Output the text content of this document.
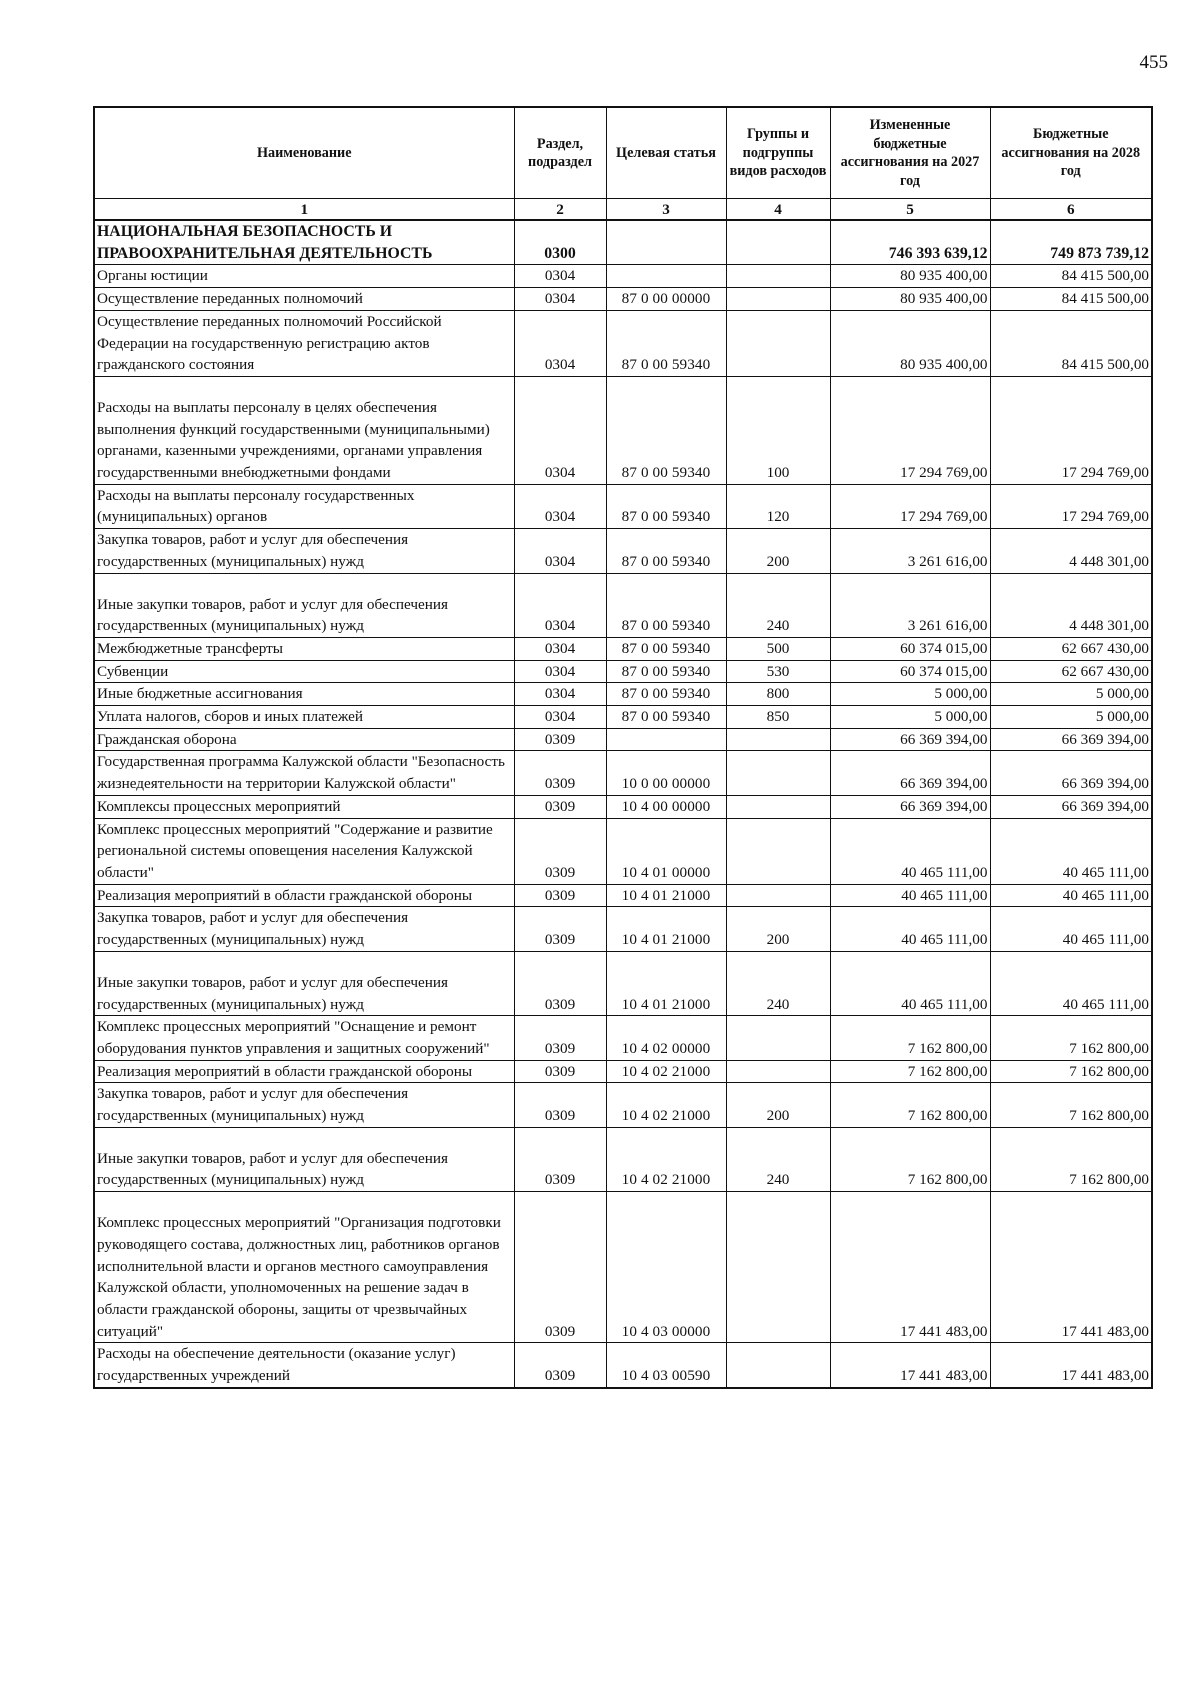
455
Наименование	Раздел, подраздел	Целевая статья	Группы и подгруппы видов расходов	Измененные бюджетные ассигнования на 2027 год	Бюджетные ассигнования на 2028 год
1	2	3	4	5	6
НАЦИОНАЛЬНАЯ БЕЗОПАСНОСТЬ И ПРАВООХРАНИТЕЛЬНАЯ ДЕЯТЕЛЬНОСТЬ	0300			746 393 639,12	749 873 739,12
Органы юстиции	0304			80 935 400,00	84 415 500,00
Осуществление переданных полномочий	0304	87 0 00 00000		80 935 400,00	84 415 500,00
Осуществление переданных полномочий Российской Федерации на государственную регистрацию актов гражданского состояния	0304	87 0 00 59340		80 935 400,00	84 415 500,00
Расходы на выплаты персоналу в целях обеспечения выполнения функций государственными (муниципальными) органами, казенными учреждениями, органами управления государственными внебюджетными фондами	0304	87 0 00 59340	100	17 294 769,00	17 294 769,00
Расходы на выплаты персоналу государственных (муниципальных) органов	0304	87 0 00 59340	120	17 294 769,00	17 294 769,00
Закупка товаров, работ и услуг для обеспечения государственных (муниципальных) нужд	0304	87 0 00 59340	200	3 261 616,00	4 448 301,00
Иные закупки товаров, работ и услуг для обеспечения государственных (муниципальных) нужд	0304	87 0 00 59340	240	3 261 616,00	4 448 301,00
Межбюджетные трансферты	0304	87 0 00 59340	500	60 374 015,00	62 667 430,00
Субвенции	0304	87 0 00 59340	530	60 374 015,00	62 667 430,00
Иные бюджетные ассигнования	0304	87 0 00 59340	800	5 000,00	5 000,00
Уплата налогов, сборов и иных платежей	0304	87 0 00 59340	850	5 000,00	5 000,00
Гражданская оборона	0309			66 369 394,00	66 369 394,00
Государственная программа Калужской области "Безопасность жизнедеятельности на территории Калужской области"	0309	10 0 00 00000		66 369 394,00	66 369 394,00
Комплексы процессных мероприятий	0309	10 4 00 00000		66 369 394,00	66 369 394,00
Комплекс процессных мероприятий "Содержание и развитие региональной системы оповещения населения Калужской области"	0309	10 4 01 00000		40 465 111,00	40 465 111,00
Реализация мероприятий в области гражданской обороны	0309	10 4 01 21000		40 465 111,00	40 465 111,00
Закупка товаров, работ и услуг для обеспечения государственных (муниципальных) нужд	0309	10 4 01 21000	200	40 465 111,00	40 465 111,00
Иные закупки товаров, работ и услуг для обеспечения государственных (муниципальных) нужд	0309	10 4 01 21000	240	40 465 111,00	40 465 111,00
Комплекс процессных мероприятий "Оснащение и ремонт оборудования пунктов управления и защитных сооружений"	0309	10 4 02 00000		7 162 800,00	7 162 800,00
Реализация мероприятий в области гражданской обороны	0309	10 4 02 21000		7 162 800,00	7 162 800,00
Закупка товаров, работ и услуг для обеспечения государственных (муниципальных) нужд	0309	10 4 02 21000	200	7 162 800,00	7 162 800,00
Иные закупки товаров, работ и услуг для обеспечения государственных (муниципальных) нужд	0309	10 4 02 21000	240	7 162 800,00	7 162 800,00
Комплекс процессных мероприятий "Организация подготовки руководящего состава, должностных лиц, работников органов исполнительной власти и органов местного самоуправления Калужской области, уполномоченных на решение задач в области гражданской обороны, защиты от чрезвычайных ситуаций"	0309	10 4 03 00000		17 441 483,00	17 441 483,00
Расходы на обеспечение деятельности (оказание услуг) государственных учреждений	0309	10 4 03 00590		17 441 483,00	17 441 483,00
